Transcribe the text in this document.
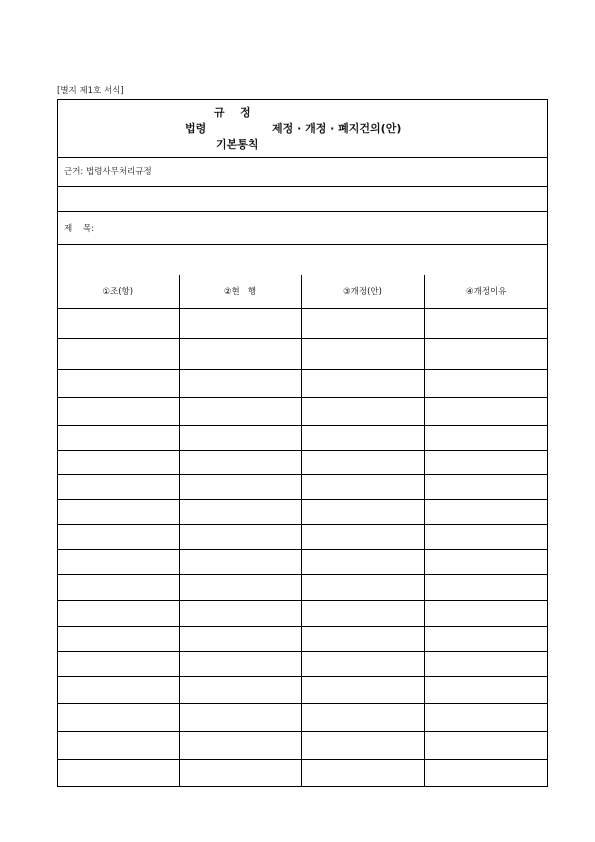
[별지 제1호 서식]
규    정
법령	제정 · 개정 · 폐지건의(안)
기본통칙
근거: 법령사무처리규정
제    목:
①조(항)	②현   행	③개정(안)	④개정이유
